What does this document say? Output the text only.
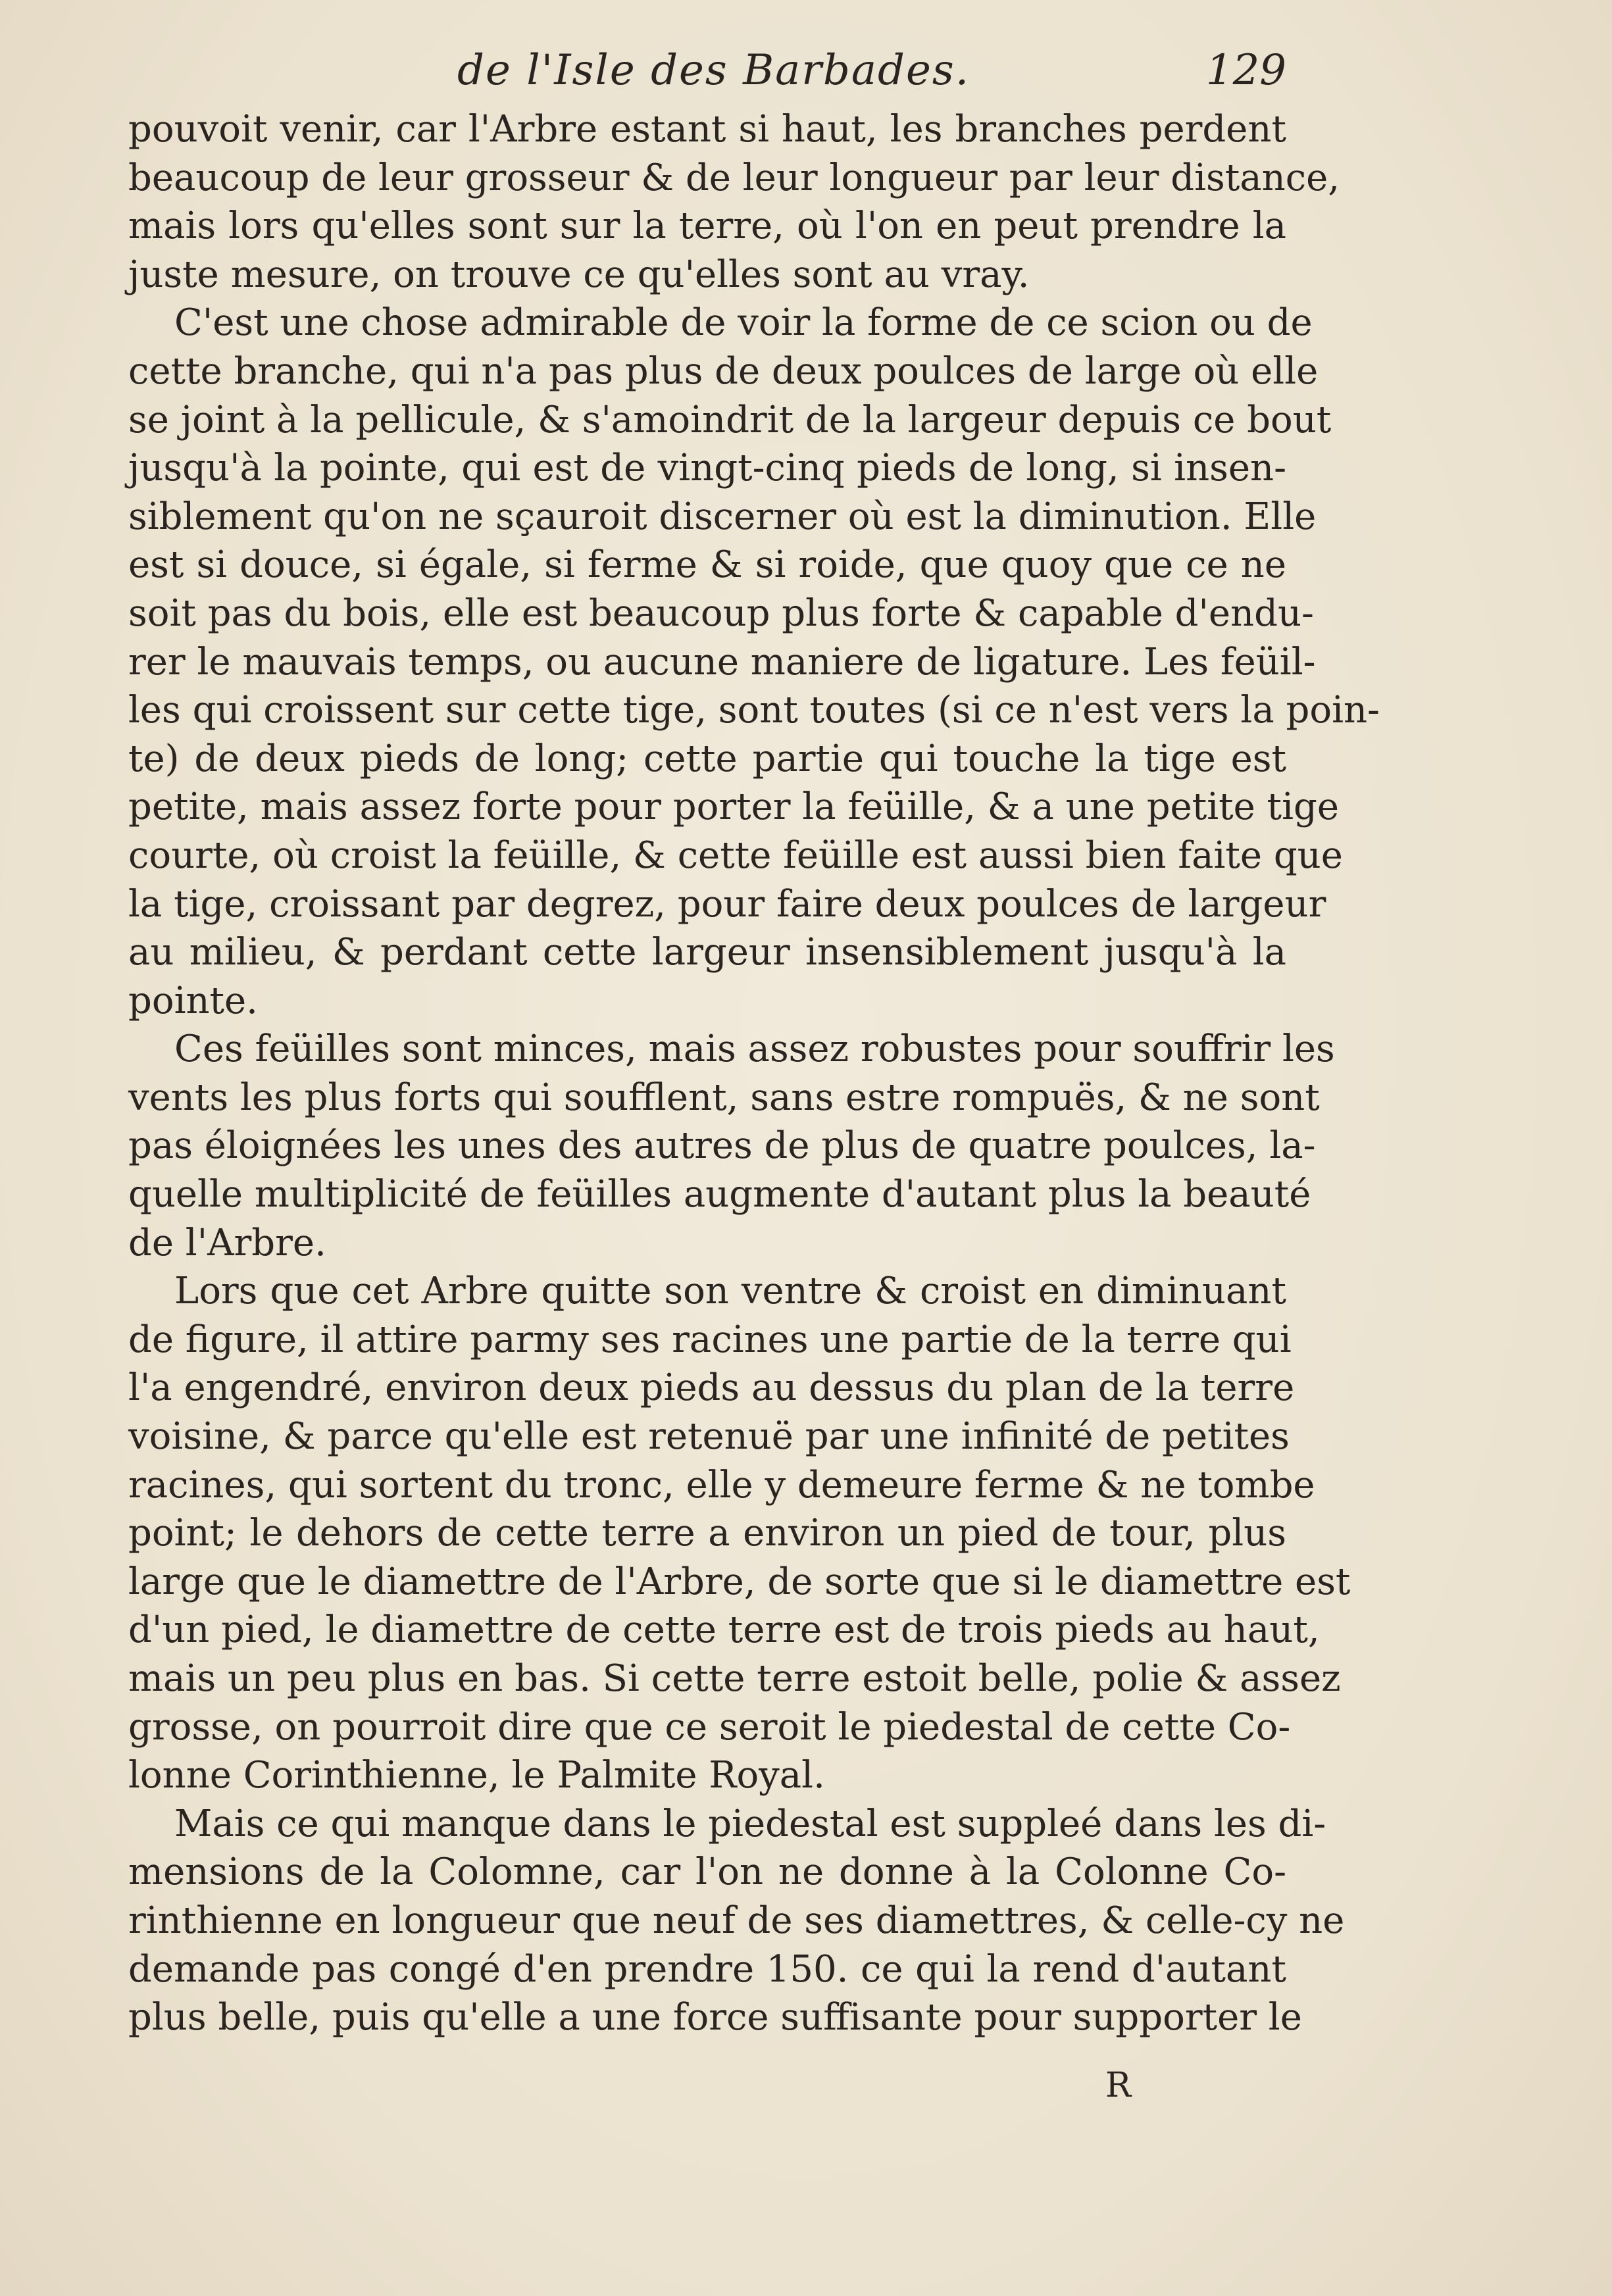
de l'Isle des Barbades.	129
pouvoit venir, car l'Arbre estant si haut, les branches perdent
beaucoup de leur grosseur & de leur longueur par leur distance,
mais lors qu'elles sont sur la terre, où l'on en peut prendre la
juste mesure, on trouve ce qu'elles sont au vray.
C'est une chose admirable de voir la forme de ce scion ou de
cette branche, qui n'a pas plus de deux poulces de large où elle
se joint à la pellicule, & s'amoindrit de la largeur depuis ce bout
jusqu'à la pointe, qui est de vingt-cinq pieds de long, si insen-
siblement qu'on ne sçauroit discerner où est la diminution. Elle
est si douce, si égale, si ferme & si roide, que quoy que ce ne
soit pas du bois, elle est beaucoup plus forte & capable d'endu-
rer le mauvais temps, ou aucune maniere de ligature. Les feüil-
les qui croissent sur cette tige, sont toutes (si ce n'est vers la poin-
te) de deux pieds de long; cette partie qui touche la tige est
petite, mais assez forte pour porter la feüille, & a une petite tige
courte, où croist la feüille, & cette feüille est aussi bien faite que
la tige, croissant par degrez, pour faire deux poulces de largeur
au milieu, & perdant cette largeur insensiblement jusqu'à la
pointe.
Ces feüilles sont minces, mais assez robustes pour souffrir les
vents les plus forts qui soufflent, sans estre rompuës, & ne sont
pas éloignées les unes des autres de plus de quatre poulces, la-
quelle multiplicité de feüilles augmente d'autant plus la beauté
de l'Arbre.
Lors que cet Arbre quitte son ventre & croist en diminuant
de figure, il attire parmy ses racines une partie de la terre qui
l'a engendré, environ deux pieds au dessus du plan de la terre
voisine, & parce qu'elle est retenuë par une infinité de petites
racines, qui sortent du tronc, elle y demeure ferme & ne tombe
point; le dehors de cette terre a environ un pied de tour, plus
large que le diamettre de l'Arbre, de sorte que si le diamettre est
d'un pied, le diamettre de cette terre est de trois pieds au haut,
mais un peu plus en bas. Si cette terre estoit belle, polie & assez
grosse, on pourroit dire que ce seroit le piedestal de cette Co-
lonne Corinthienne, le Palmite Royal.
Mais ce qui manque dans le piedestal est suppleé dans les di-
mensions de la Colomne, car l'on ne donne à la Colonne Co-
rinthienne en longueur que neuf de ses diamettres, & celle-cy ne
demande pas congé d'en prendre 150. ce qui la rend d'autant
plus belle, puis qu'elle a une force suffisante pour supporter le
R
